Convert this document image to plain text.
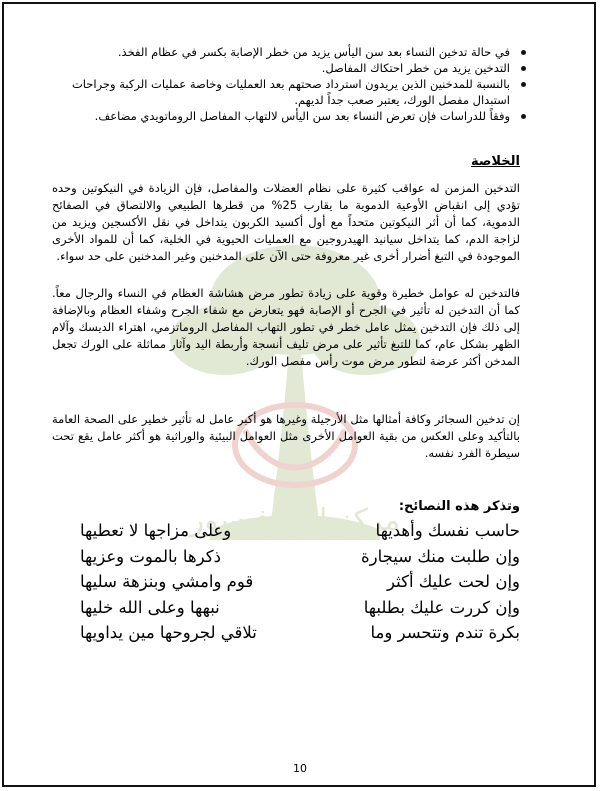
مركز البروفيسور
في حالة تدخين النساء بعد سن اليأس يزيد من خطر الإصابة بكسر في عظام الفخذ.
التدخين يزيد من خطر احتكاك المفاصل.
بالنسبة للمدخنين الذين يريدون استرداد صحتهم بعد العمليات وخاصة عمليات الركبة وجراحات استبدال مفصل الورك، يعتبر صعب جداً لديهم.
وفقاً للدراسات فإن تعرض النساء بعد سن اليأس لالتهاب المفاصل الروماتويدي مضاعف.
الخلاصة

التدخين المزمن له عواقب كثيرة على نظام العضلات والمفاصل، فإن الزيادة في النيكوتين وحده تؤدي إلى انقباض الأوعية الدموية ما يقارب 25% من قطرها الطبيعي والالتصاق في الصفائح الدموية، كما أن أثر النيكوتين متحداً مع أول أكسيد الكربون يتداخل في نقل الأكسجين ويزيد من لزاجة الدم، كما يتداخل سيانيد الهيدروجين مع العمليات الحيوية في الخلية، كما أن للمواد الأخرى الموجودة في التبغ أضرار أخرى غير معروفة حتى الآن على المدخنين وغير المدخنين على حد سواء.

فالتدخين له عوامل خطيرة وقوية على زيادة تطور مرض هشاشة العظام في النساء والرجال معاً. كما أن التدخين له تأثير في الجرح أو الإصابة فهو يتعارض مع شفاء الجرح وشفاء العظام وبالإضافة إلى ذلك فإن التدخين يمثل عامل خطر في تطور التهاب المفاصل الروماتزمي، اهتراء الديسك وآلام الظهر بشكل عام، كما للتبغ تأثير على مرض تليف أنسجة وأربطة اليد وآثار مماثلة على الورك تجعل المدخن أكثر عرضة لتطور مرض موت رأس مفصل الورك.

إن تدخين السجائر وكافة أمثالها مثل الأرجيلة وغيرها هو أكبر عامل له تأثير خطير على الصحة العامة بالتأكيد وعلى العكس من بقية العوامل الأخرى مثل العوامل البيئية والوراثية هو أكثر عامل يقع تحت سيطرة الفرد نفسه.

وتذكر هذه النصائح:
حاسب نفسك وأهديها
وعلى مزاجها لا تعطيها
وإن طلبت منك سيجارة
ذكرها بالموت وعزيها
وإن لحت عليك أكثر
قوم وامشي وبنزهة سليها
وإن كررت عليك بطلبها
نبهها وعلى الله خليها
بكرة تندم وتتحسر وما
تلاقي لجروحها مين يداويها
10
